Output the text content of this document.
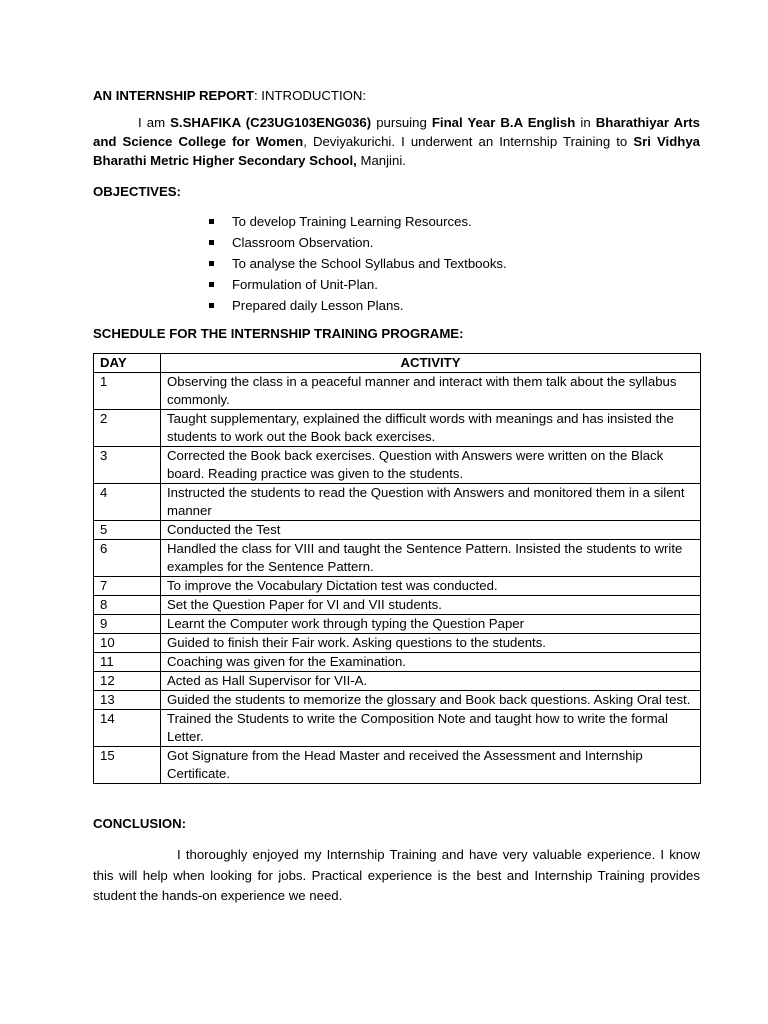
AN INTERNSHIP REPORT: INTRODUCTION:

I am S.SHAFIKA (C23UG103ENG036) pursuing Final Year B.A English in Bharathiyar Arts and Science College for Women, Deviyakurichi. I underwent an Internship Training to Sri Vidhya Bharathi Metric Higher Secondary School, Manjini.

OBJECTIVES:

To develop Training Learning Resources.
Classroom Observation.
To analyse the School Syllabus and Textbooks.
Formulation of Unit-Plan.
Prepared daily Lesson Plans.

SCHEDULE FOR THE INTERNSHIP TRAINING PROGRAME:

DAY	ACTIVITY
1	Observing the class in a peaceful manner and interact with them talk about the syllabus commonly.
2	Taught supplementary, explained the difficult words with meanings and has insisted the students to work out the Book back exercises.
3	Corrected the Book back exercises. Question with Answers were written on the Black board. Reading practice was given to the students.
4	Instructed the students to read the Question with Answers and monitored them in a silent manner
5	Conducted the Test
6	Handled the class for VIII and taught the Sentence Pattern. Insisted the students to write examples for the Sentence Pattern.
7	To improve the Vocabulary Dictation test was conducted.
8	Set the Question Paper for VI and VII students.
9	Learnt the Computer work through typing the Question Paper
10	Guided to finish their Fair work. Asking questions to the students.
11	Coaching was given for the Examination.
12	Acted as Hall Supervisor for VII-A.
13	Guided the students to memorize the glossary and Book back questions. Asking Oral test.
14	Trained the Students to write the Composition Note and taught how to write the formal Letter.
15	Got Signature from the Head Master and received the Assessment and Internship Certificate.

CONCLUSION:

I thoroughly enjoyed my Internship Training and have very valuable experience. I know this will help when looking for jobs. Practical experience is the best and Internship Training provides student the hands-on experience we need.
